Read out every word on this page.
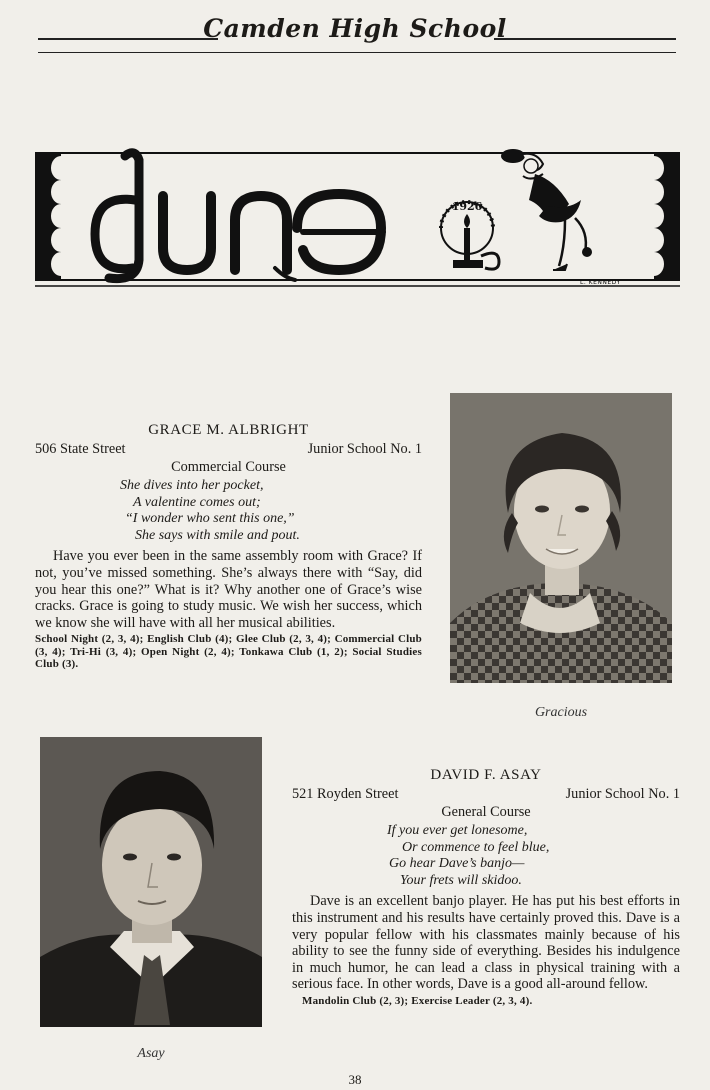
Camden High School
1926
L. KENNEDY
GRACE M. ALBRIGHT
506 State Street	Junior School No. 1
Commercial Course
She dives into her pocket,
A valentine comes out;
“I wonder who sent this one,”
She says with smile and pout.
Have you ever been in the same assembly room with Grace? If not, you’ve missed something. She’s always there with “Say, did you hear this one?” What is it? Why another one of Grace’s wise cracks. Grace is going to study music. We wish her success, which we know she will have with all her musical abilities.
School Night (2, 3, 4); English Club (4); Glee Club (2, 3, 4); Commercial Club (3, 4); Tri-Hi (3, 4); Open Night (2, 4); Tonkawa Club (1, 2); Social Studies Club (3).
Gracious
Asay
DAVID F. ASAY
521 Royden Street	Junior School No. 1
General Course
If you ever get lonesome,
Or commence to feel blue,
Go hear Dave’s banjo—
Your frets will skidoo.
Dave is an excellent banjo player. He has put his best efforts in this instrument and his results have certainly proved this. Dave is a very popular fellow with his classmates mainly because of his ability to see the funny side of everything. Besides his indulgence in much humor, he can lead a class in physical training with a serious face. In other words, Dave is a good all-around fellow.
Mandolin Club (2, 3); Exercise Leader (2, 3, 4).
38
